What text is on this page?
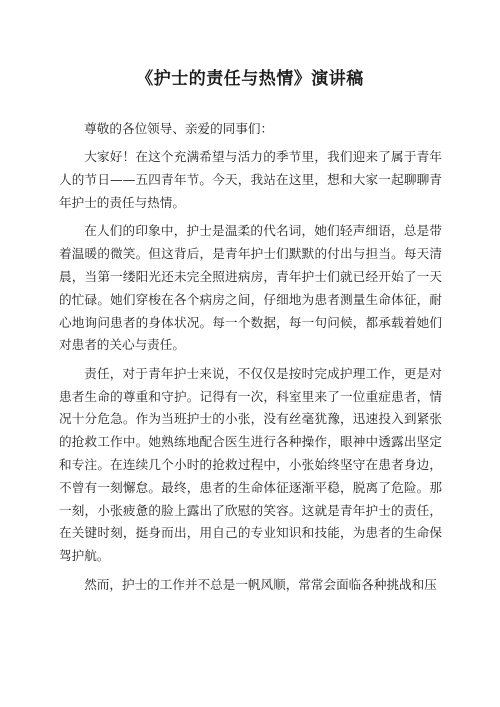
《护士的责任与热情》演讲稿

尊敬的各位领导、亲爱的同事们：

大家好！在这个充满希望与活力的季节里，我们迎来了属于青年人的节日——五四青年节。今天，我站在这里，想和大家一起聊聊青年护士的责任与热情。

在人们的印象中，护士是温柔的代名词，她们轻声细语，总是带着温暖的微笑。但这背后，是青年护士们默默的付出与担当。每天清晨，当第一缕阳光还未完全照进病房，青年护士们就已经开始了一天的忙碌。她们穿梭在各个病房之间，仔细地为患者测量生命体征，耐心地询问患者的身体状况。每一个数据，每一句问候，都承载着她们对患者的关心与责任。

责任，对于青年护士来说，不仅仅是按时完成护理工作，更是对患者生命的尊重和守护。记得有一次，科室里来了一位重症患者，情况十分危急。作为当班护士的小张，没有丝毫犹豫，迅速投入到紧张的抢救工作中。她熟练地配合医生进行各种操作，眼神中透露出坚定和专注。在连续几个小时的抢救过程中，小张始终坚守在患者身边，不曾有一刻懈怠。最终，患者的生命体征逐渐平稳，脱离了危险。那一刻，小张疲惫的脸上露出了欣慰的笑容。这就是青年护士的责任，在关键时刻，挺身而出，用自己的专业知识和技能，为患者的生命保驾护航。

然而，护士的工作并不总是一帆风顺，常常会面临各种挑战和压
